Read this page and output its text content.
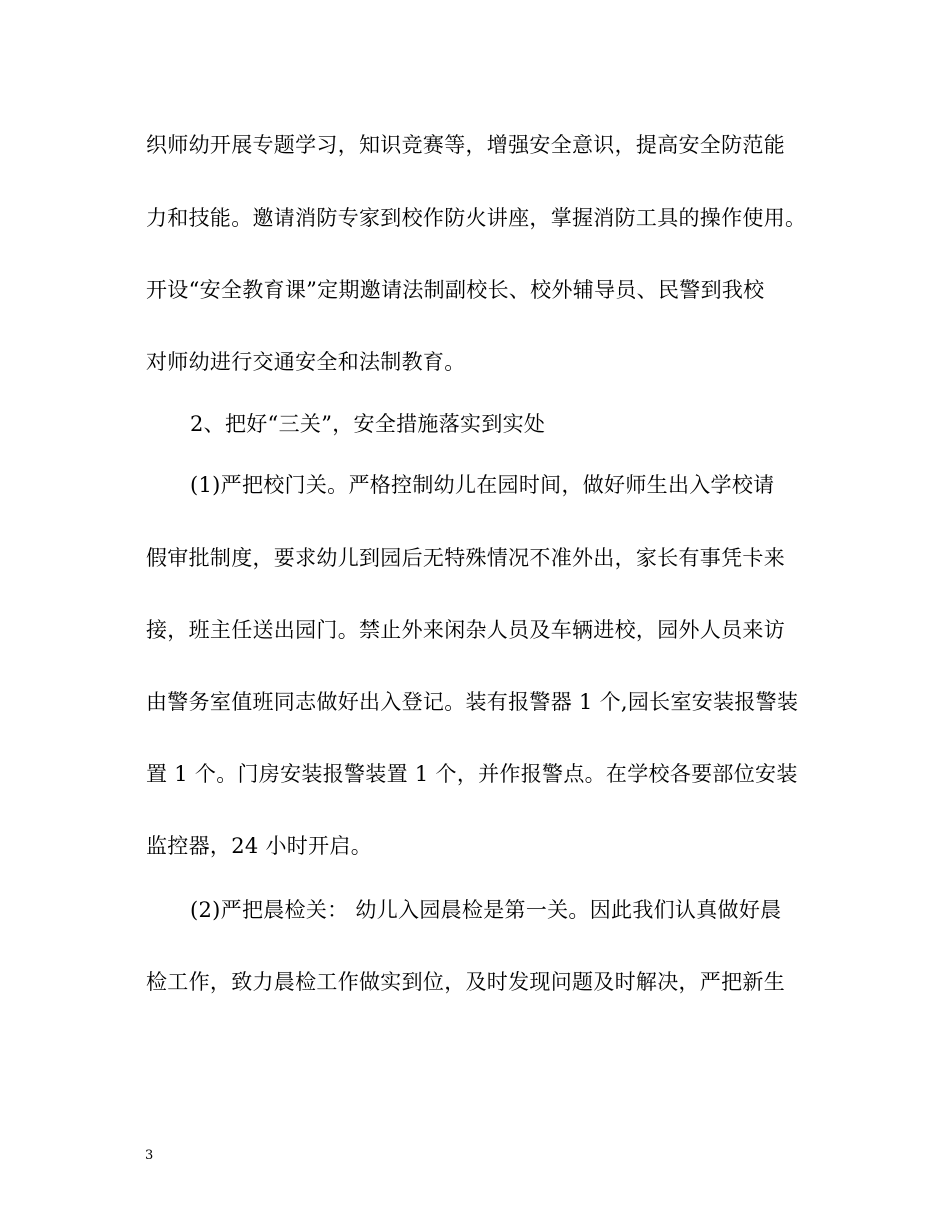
织师幼开展专题学习，知识竞赛等，增强安全意识，提高安全防范能
力和技能。邀请消防专家到校作防火讲座，掌握消防工具的操作使用。
开设“安全教育课”定期邀请法制副校长、校外辅导员、民警到我校
对师幼进行交通安全和法制教育。
2、把好“三关”，安全措施落实到实处
(1)严把校门关。严格控制幼儿在园时间，做好师生出入学校请
假审批制度，要求幼儿到园后无特殊情况不准外出，家长有事凭卡来
接，班主任送出园门。禁止外来闲杂人员及车辆进校，园外人员来访
由警务室值班同志做好出入登记。装有报警器 1 个,园长室安装报警装
置 1 个。门房安装报警装置 1 个，并作报警点。在学校各要部位安装
监控器，24 小时开启。
(2)严把晨检关： 幼儿入园晨检是第一关。因此我们认真做好晨
检工作，致力晨检工作做实到位，及时发现问题及时解决，严把新生
3
